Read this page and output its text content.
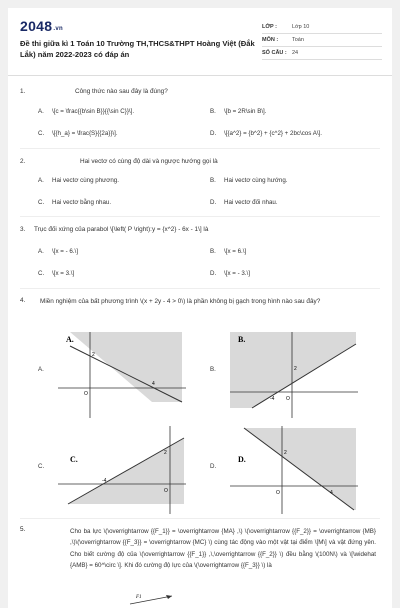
2048.vn
Đề thi giữa kì 1 Toán 10 Trường TH,THCS&THPT Hoàng Việt (Đắk Lắk) năm 2022-2023 có đáp án
LỚP :	Lớp 10
MÔN :	Toán
SỐ CÂU : 24
1.	Công thức nào sau đây là đúng?
A. \[c = \frac{{b\sin B}}{{\sin C}}\].	B. \[b = 2R\sin B\].
C. \[{h_a} = \frac{S}{{2a}}\].	D. \[{a^2} = {b^2} + {c^2} + 2bc\cos A\].
2.	Hai vectơ có cùng độ dài và ngược hướng gọi là
A. Hai vectơ cùng phương.	B. Hai vectơ cùng hướng.
C. Hai vectơ bằng nhau.	D. Hai vectơ đối nhau.
3. Trục đối xứng của parabol \[\left( P \right):y = {x^2} - 6x - 1\] là
A. \[x = - 6.\]	B. \[x = 6.\]
C. \[x = 3.\]	D. \[x = - 3.\]
4. Miền nghiệm của bất phương trình \(x + 2y - 4 > 0\) là phần không bị gạch trong hình nào sau đây?
A.
A.
2
4
O
B.
B.
2
-4 O
C.
C.
2
-4
O
D.
D.
2
4
O
5.	Cho ba lực \(\overrightarrow {{F_1}} = \overrightarrow {MA} ,\) \(\overrightarrow {{F_2}} = \overrightarrow {MB} ,\)\(\overrightarrow {{F_3}} = \overrightarrow {MC} \) cùng tác động vào một vật tại điểm \[M\] và vật đứng yên. Cho biết cường độ của \(\overrightarrow {{F_1}} ,\,\overrightarrow {{F_2}} \) đều bằng \(100N\) và \[\widehat {AMB} = 60^\circ \]. Khi đó cường độ lực của \(\overrightarrow {{F_3}} \) là
F1
